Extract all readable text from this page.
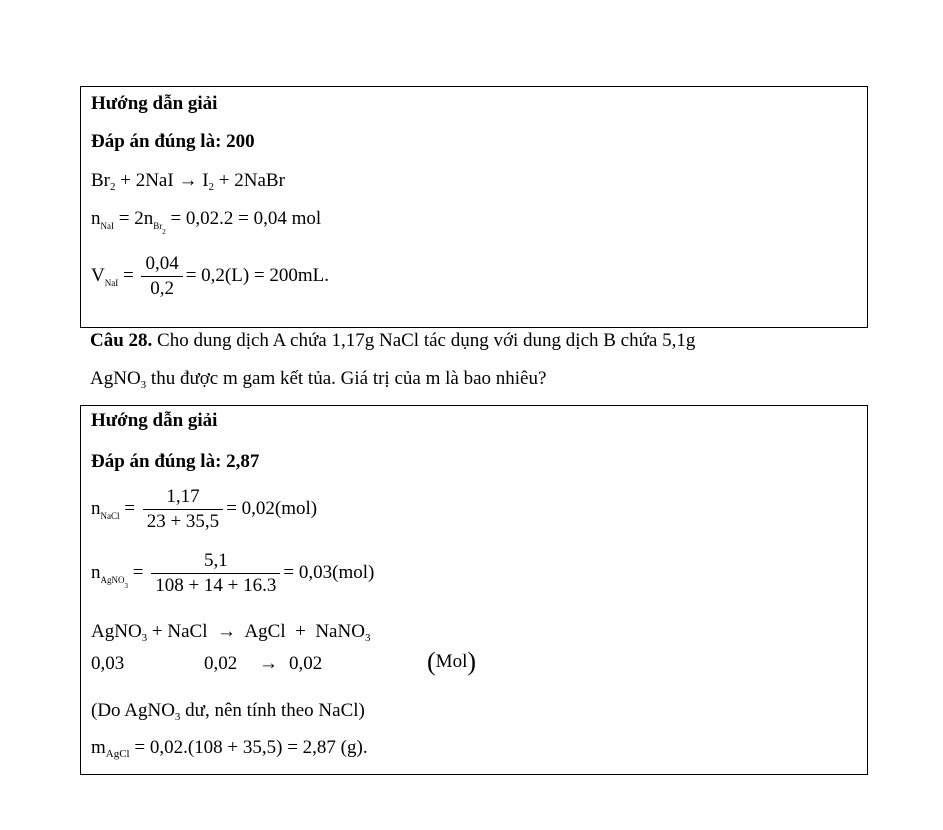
Hướng dẫn giải
Đáp án đúng là: 200
$Br_2 + 2NaI \to I_2$ + 2NaBr
$n_{NaI} = 2n_{Br_2} = 0,02.2 = 0,04$ mol
$V_{NaI} = \frac{0,04}{0,2} = 0,2(L) = 200mL$.
Câu 28. Cho dung dịch A chứa 1,17g NaCl tác dụng với dung dịch B chứa 5,1g
AgNO$_3$ thu được m gam kết tủa. Giá trị của m là bao nhiêu?
Hướng dẫn giải
Đáp án đúng là: 2,87
$n_{NaCl} = \frac{1,17}{23 + 35,5} = 0,02(mol)$
$n_{AgNO_3} = \frac{5,1}{108 + 14 + 16.3} = 0,03(mol)$
AgNO$_3$ + NaCl  →  AgCl  +  NaNO$_3$
0,03	0,02 → 0,02	(Mol)
(Do AgNO$_3$ dư, nên tính theo NaCl)
$m_{AgCl} = 0,02.(108 + 35,5) = 2,87$ (g).
